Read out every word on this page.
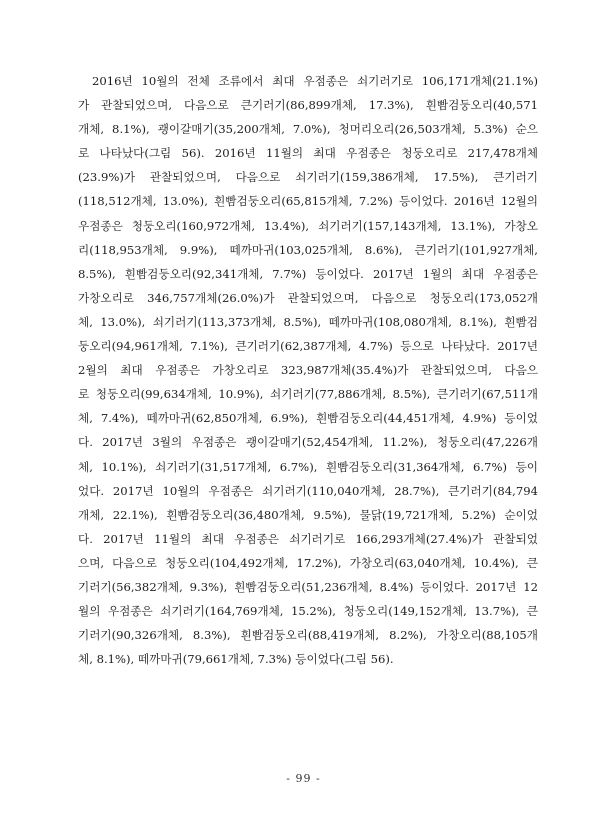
2016년 10월의 전체 조류에서 최대 우점종은 쇠기러기로 106,171개체(21.1%)
가 관찰되었으며, 다음으로 큰기러기(86,899개체, 17.3%), 흰빰검둥오리(40,571
개체, 8.1%), 괭이갈매기(35,200개체, 7.0%), 청머리오리(26,503개체, 5.3%) 순으
로 나타났다(그림 56). 2016년 11월의 최대 우점종은 청둥오리로 217,478개체
(23.9%)가 관찰되었으며, 다음으로 쇠기러기(159,386개체, 17.5%), 큰기러기
(118,512개체, 13.0%), 흰빰검둥오리(65,815개체, 7.2%) 등이었다. 2016년 12월의
우점종은 청둥오리(160,972개체, 13.4%), 쇠기러기(157,143개체, 13.1%), 가창오
리(118,953개체, 9.9%), 떼까마귀(103,025개체, 8.6%), 큰기러기(101,927개체,
8.5%), 흰빰검둥오리(92,341개체, 7.7%) 등이었다. 2017년 1월의 최대 우점종은
가창오리로 346,757개체(26.0%)가 관찰되었으며, 다음으로 청둥오리(173,052개
체, 13.0%), 쇠기러기(113,373개체, 8.5%), 떼까마귀(108,080개체, 8.1%), 흰빰검
둥오리(94,961개체, 7.1%), 큰기러기(62,387개체, 4.7%) 등으로 나타났다. 2017년
2월의 최대 우점종은 가창오리로 323,987개체(35.4%)가 관찰되었으며, 다음으
로 청둥오리(99,634개체, 10.9%), 쇠기러기(77,886개체, 8.5%), 큰기러기(67,511개
체, 7.4%), 떼까마귀(62,850개체, 6.9%), 흰빰검둥오리(44,451개체, 4.9%) 등이었
다. 2017년 3월의 우점종은 괭이갈매기(52,454개체, 11.2%), 청둥오리(47,226개
체, 10.1%), 쇠기러기(31,517개체, 6.7%), 흰빰검둥오리(31,364개체, 6.7%) 등이
었다. 2017년 10월의 우점종은 쇠기러기(110,040개체, 28.7%), 큰기러기(84,794
개체, 22.1%), 흰빰검둥오리(36,480개체, 9.5%), 물닭(19,721개체, 5.2%) 순이었
다. 2017년 11월의 최대 우점종은 쇠기러기로 166,293개체(27.4%)가 관찰되었
으며, 다음으로 청둥오리(104,492개체, 17.2%), 가창오리(63,040개체, 10.4%), 큰
기러기(56,382개체, 9.3%), 흰빰검둥오리(51,236개체, 8.4%) 등이었다. 2017년 12
월의 우점종은 쇠기러기(164,769개체, 15.2%), 청둥오리(149,152개체, 13.7%), 큰
기러기(90,326개체, 8.3%), 흰빰검둥오리(88,419개체, 8.2%), 가창오리(88,105개
체, 8.1%), 떼까마귀(79,661개체, 7.3%) 등이었다(그림 56).
- 99 -
